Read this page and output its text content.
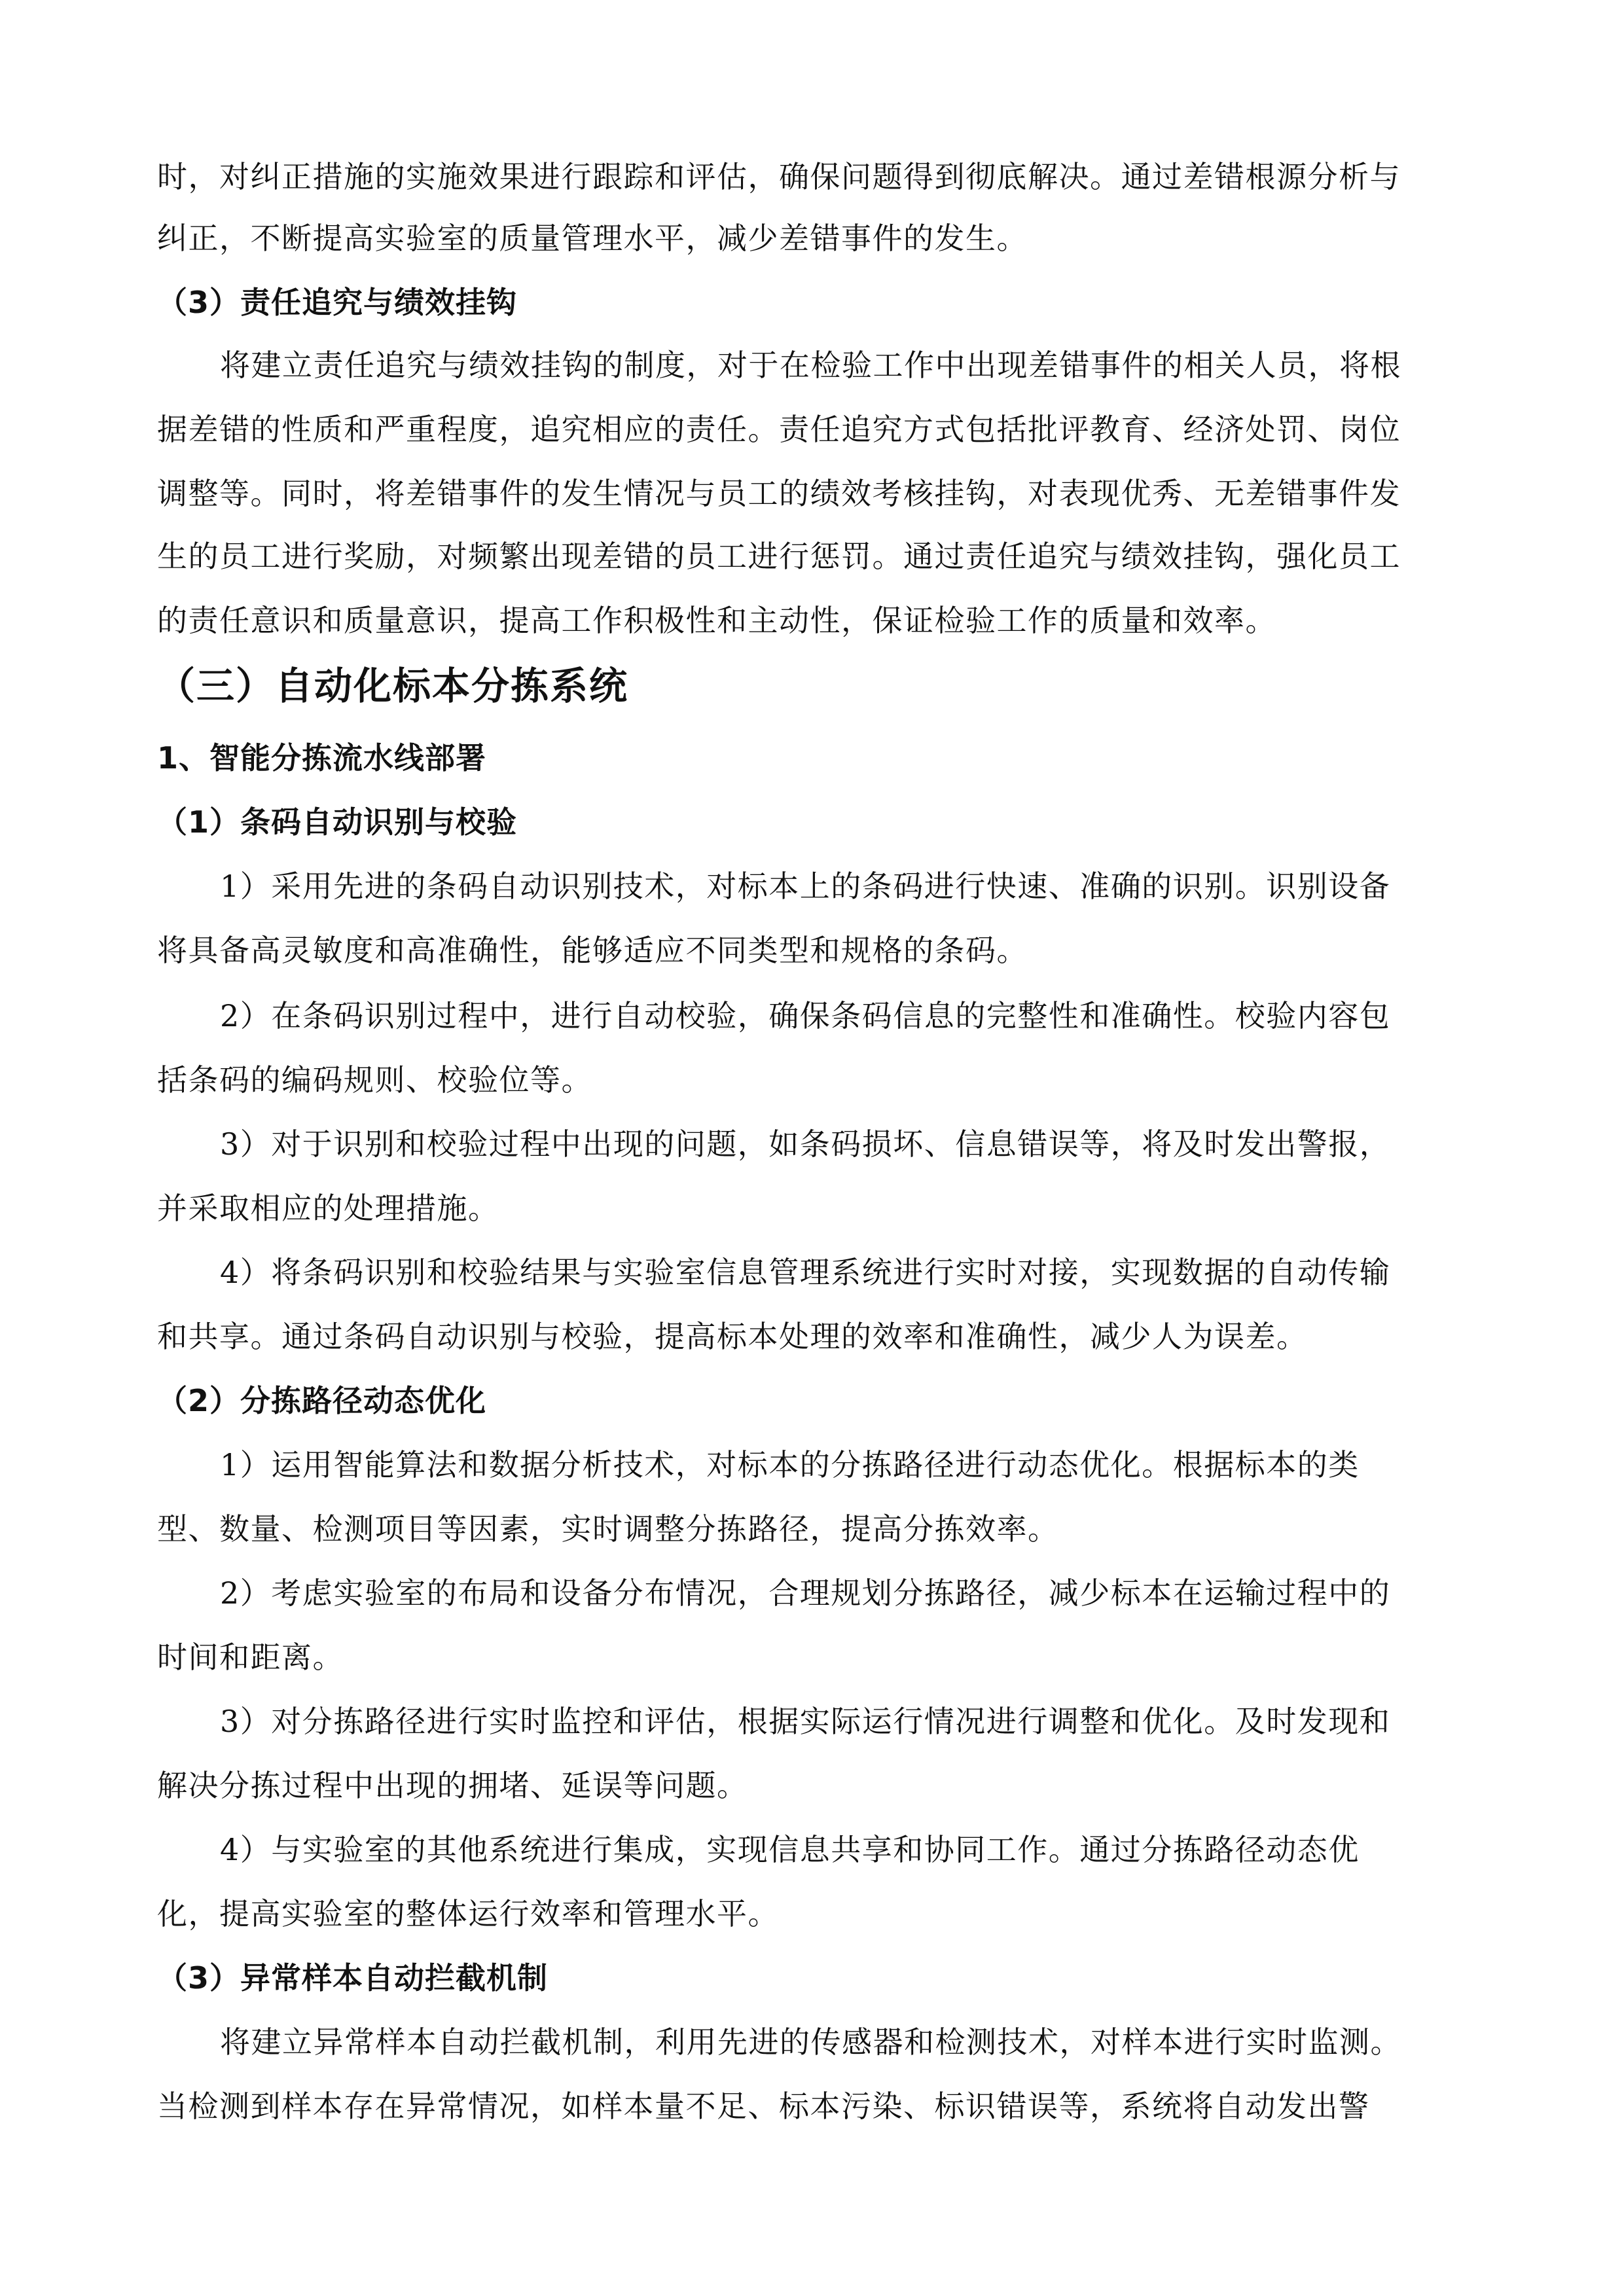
时，对纠正措施的实施效果进行跟踪和评估，确保问题得到彻底解决。通过差错根源分析与
纠正，不断提高实验室的质量管理水平，减少差错事件的发生。
（3）责任追究与绩效挂钩
将建立责任追究与绩效挂钩的制度，对于在检验工作中出现差错事件的相关人员，将根
据差错的性质和严重程度，追究相应的责任。责任追究方式包括批评教育、经济处罚、岗位
调整等。同时，将差错事件的发生情况与员工的绩效考核挂钩，对表现优秀、无差错事件发
生的员工进行奖励，对频繁出现差错的员工进行惩罚。通过责任追究与绩效挂钩，强化员工
的责任意识和质量意识，提高工作积极性和主动性，保证检验工作的质量和效率。
（三）自动化标本分拣系统
1、智能分拣流水线部署
（1）条码自动识别与校验
1）采用先进的条码自动识别技术，对标本上的条码进行快速、准确的识别。识别设备
将具备高灵敏度和高准确性，能够适应不同类型和规格的条码。
2）在条码识别过程中，进行自动校验，确保条码信息的完整性和准确性。校验内容包
括条码的编码规则、校验位等。
3）对于识别和校验过程中出现的问题，如条码损坏、信息错误等，将及时发出警报，
并采取相应的处理措施。
4）将条码识别和校验结果与实验室信息管理系统进行实时对接，实现数据的自动传输
和共享。通过条码自动识别与校验，提高标本处理的效率和准确性，减少人为误差。
（2）分拣路径动态优化
1）运用智能算法和数据分析技术，对标本的分拣路径进行动态优化。根据标本的类
型、数量、检测项目等因素，实时调整分拣路径，提高分拣效率。
2）考虑实验室的布局和设备分布情况，合理规划分拣路径，减少标本在运输过程中的
时间和距离。
3）对分拣路径进行实时监控和评估，根据实际运行情况进行调整和优化。及时发现和
解决分拣过程中出现的拥堵、延误等问题。
4）与实验室的其他系统进行集成，实现信息共享和协同工作。通过分拣路径动态优
化，提高实验室的整体运行效率和管理水平。
（3）异常样本自动拦截机制
将建立异常样本自动拦截机制，利用先进的传感器和检测技术，对样本进行实时监测。
当检测到样本存在异常情况，如样本量不足、标本污染、标识错误等，系统将自动发出警
